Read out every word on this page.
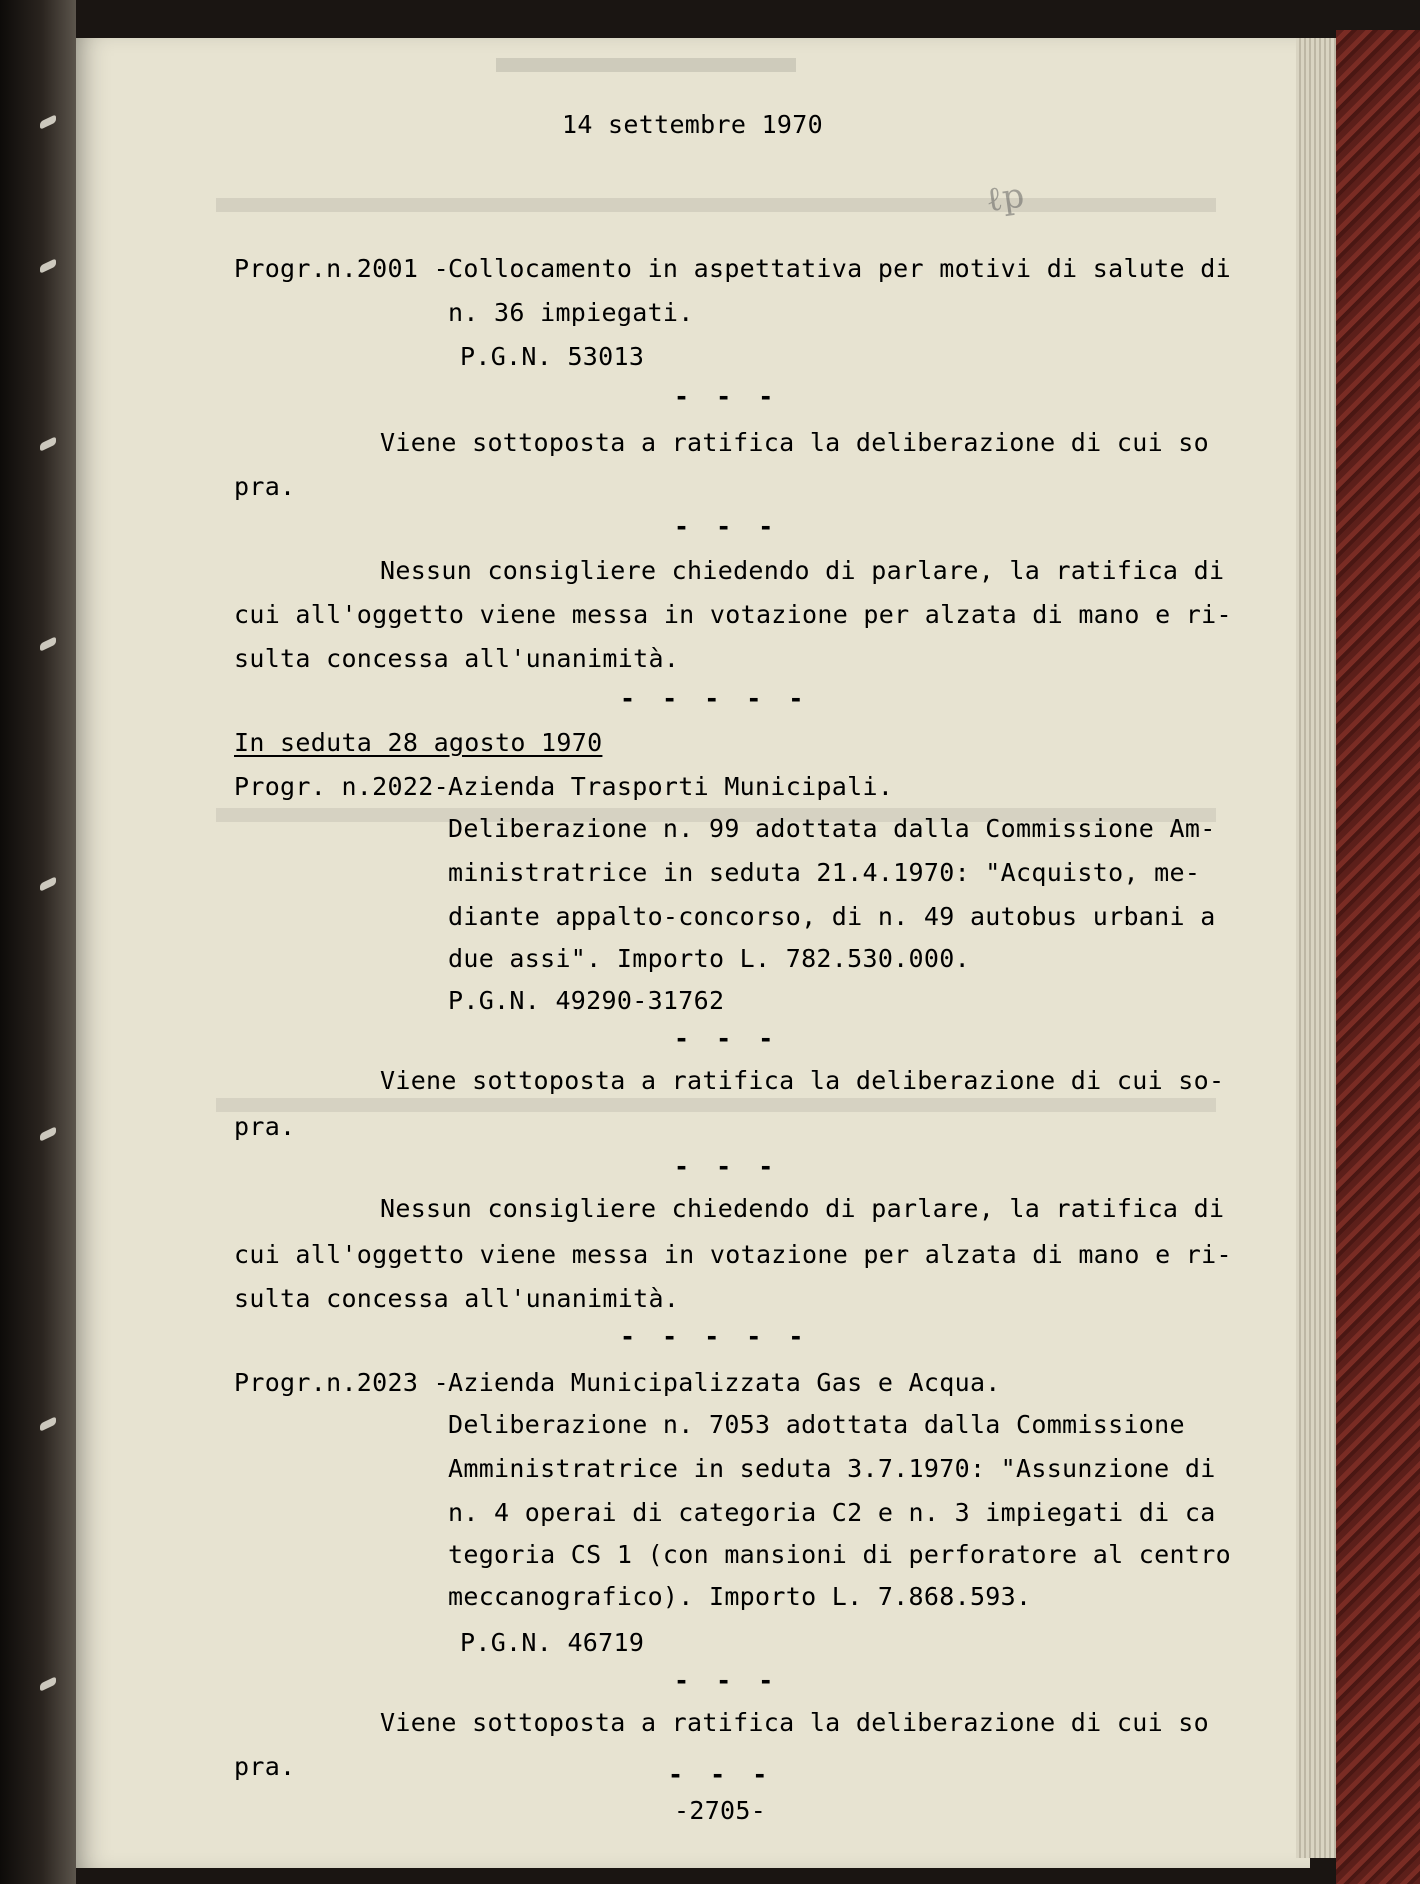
ℓp
14 settembre 1970
Progr.n.2001 - Collocamento in aspettativa per motivi di salute di
n. 36 impiegati.
P.G.N. 53013
- - -
Viene sottoposta a ratifica la deliberazione di cui so
pra.
- - -
Nessun consigliere chiedendo di parlare, la ratifica di
cui all'oggetto viene messa in votazione per alzata di mano e ri-
sulta concessa all'unanimità.
- - - - -
In seduta 28 agosto 1970
Progr. n.2022- Azienda Trasporti Municipali.
Deliberazione n. 99 adottata dalla Commissione Am-
ministratrice in seduta 21.4.1970: "Acquisto, me-
diante appalto-concorso, di n. 49 autobus urbani a
due assi". Importo L. 782.530.000.
P.G.N. 49290-31762
- - -
Viene sottoposta a ratifica la deliberazione di cui so-
pra.
- - -
Nessun consigliere chiedendo di parlare, la ratifica di
cui all'oggetto viene messa in votazione per alzata di mano e ri-
sulta concessa all'unanimità.
- - - - -
Progr.n.2023 - Azienda Municipalizzata Gas e Acqua.
Deliberazione n. 7053 adottata dalla Commissione
Amministratrice in seduta 3.7.1970: "Assunzione di
n. 4 operai di categoria C2 e n. 3 impiegati di ca
tegoria CS 1 (con mansioni di perforatore al centro
meccanografico). Importo L. 7.868.593.
P.G.N. 46719
- - -
Viene sottoposta a ratifica la deliberazione di cui so
pra.	- - -
-2705-
